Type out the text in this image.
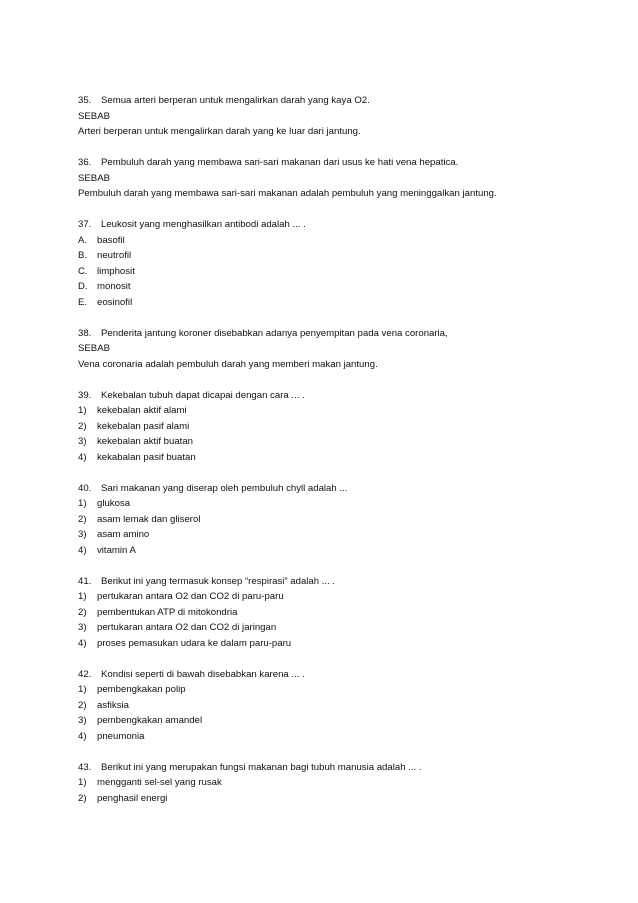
35. Semua arteri berperan untuk mengalirkan darah yang kaya O2.
SEBAB
Arteri berperan untuk mengalirkan darah yang ke luar dari jantung.
36. Pembuluh darah yang membawa sari-sari makanan dari usus ke hati vena hepatica.
SEBAB
Pembuluh darah yang membawa sari-sari makanan adalah pembuluh yang meninggalkan jantung.
37. Leukosit yang menghasilkan antibodi adalah ... .
A. basofil
B. neutrofil
C. limphosit
D. monosit
E. eosinofil
38. Penderita jantung koroner disebabkan adanya penyempitan pada vena coronaria,
SEBAB
Vena coronaria adalah pembuluh darah yang memberi makan jantung.
39. Kekebalan tubuh dapat dicapai dengan cara ... .
1) kekebalan aktif alami
2) kekebalan pasif alami
3) kekebalan aktif buatan
4) kekabalan pasif buatan
40. Sari makanan yang diserap oleh pembuluh chyll adalah ...
1) glukosa
2) asam lemak dan gliserol
3) asam amino
4) vitamin A
41. Berikut ini yang termasuk konsep “respirasi” adalah ... .
1) pertukaran antara O2 dan CO2 di paru-paru
2) pembentukan ATP di mitokondria
3) pertukaran antara O2 dan CO2 di jaringan
4) proses pemasukan udara ke dalam paru-paru
42. Kondisi seperti di bawah disebabkan karena ... .
1) pembengkakan polip
2) asfiksia
3) pembengkakan amandel
4) pneumonia
43. Berikut ini yang merupakan fungsi makanan bagi tubuh manusia adalah ... .
1) mengganti sel-sel yang rusak
2) penghasil energi
